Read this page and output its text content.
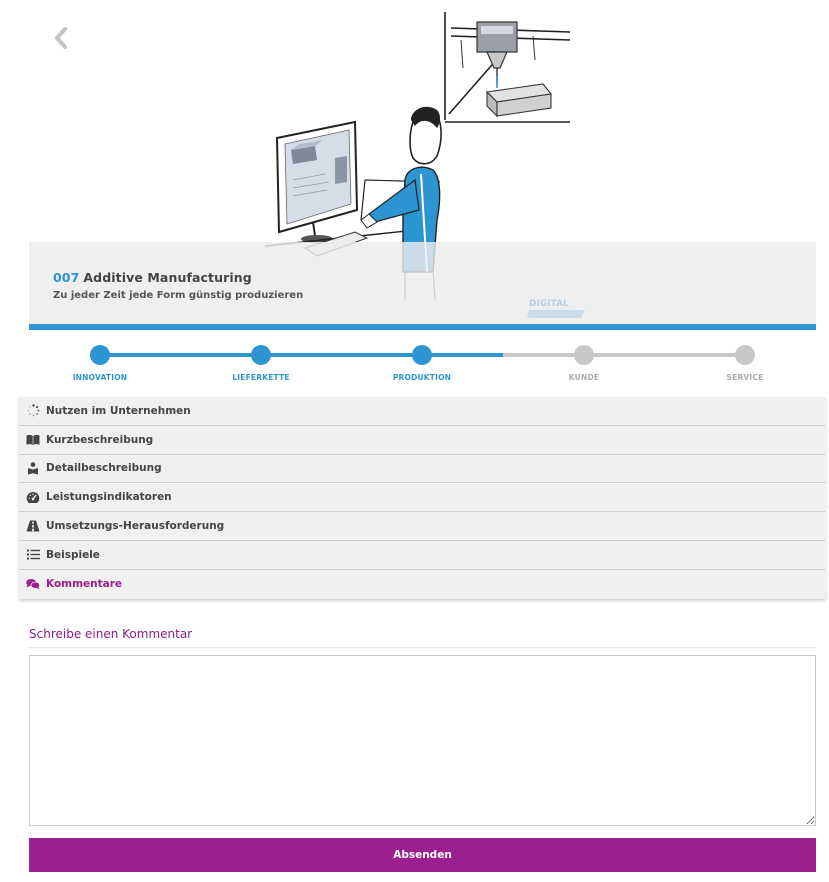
007 Additive Manufacturing
Zu jeder Zeit jede Form günstig produzieren
DIGITAL
INNOVATION	LIEFERKETTE	PRODUKTION	KUNDE	SERVICE
Nutzen im Unternehmen
Kurzbeschreibung
Detailbeschreibung
Leistungsindikatoren
Umsetzungs-Herausforderung
Beispiele
Kommentare
Schreibe einen Kommentar
Absenden
